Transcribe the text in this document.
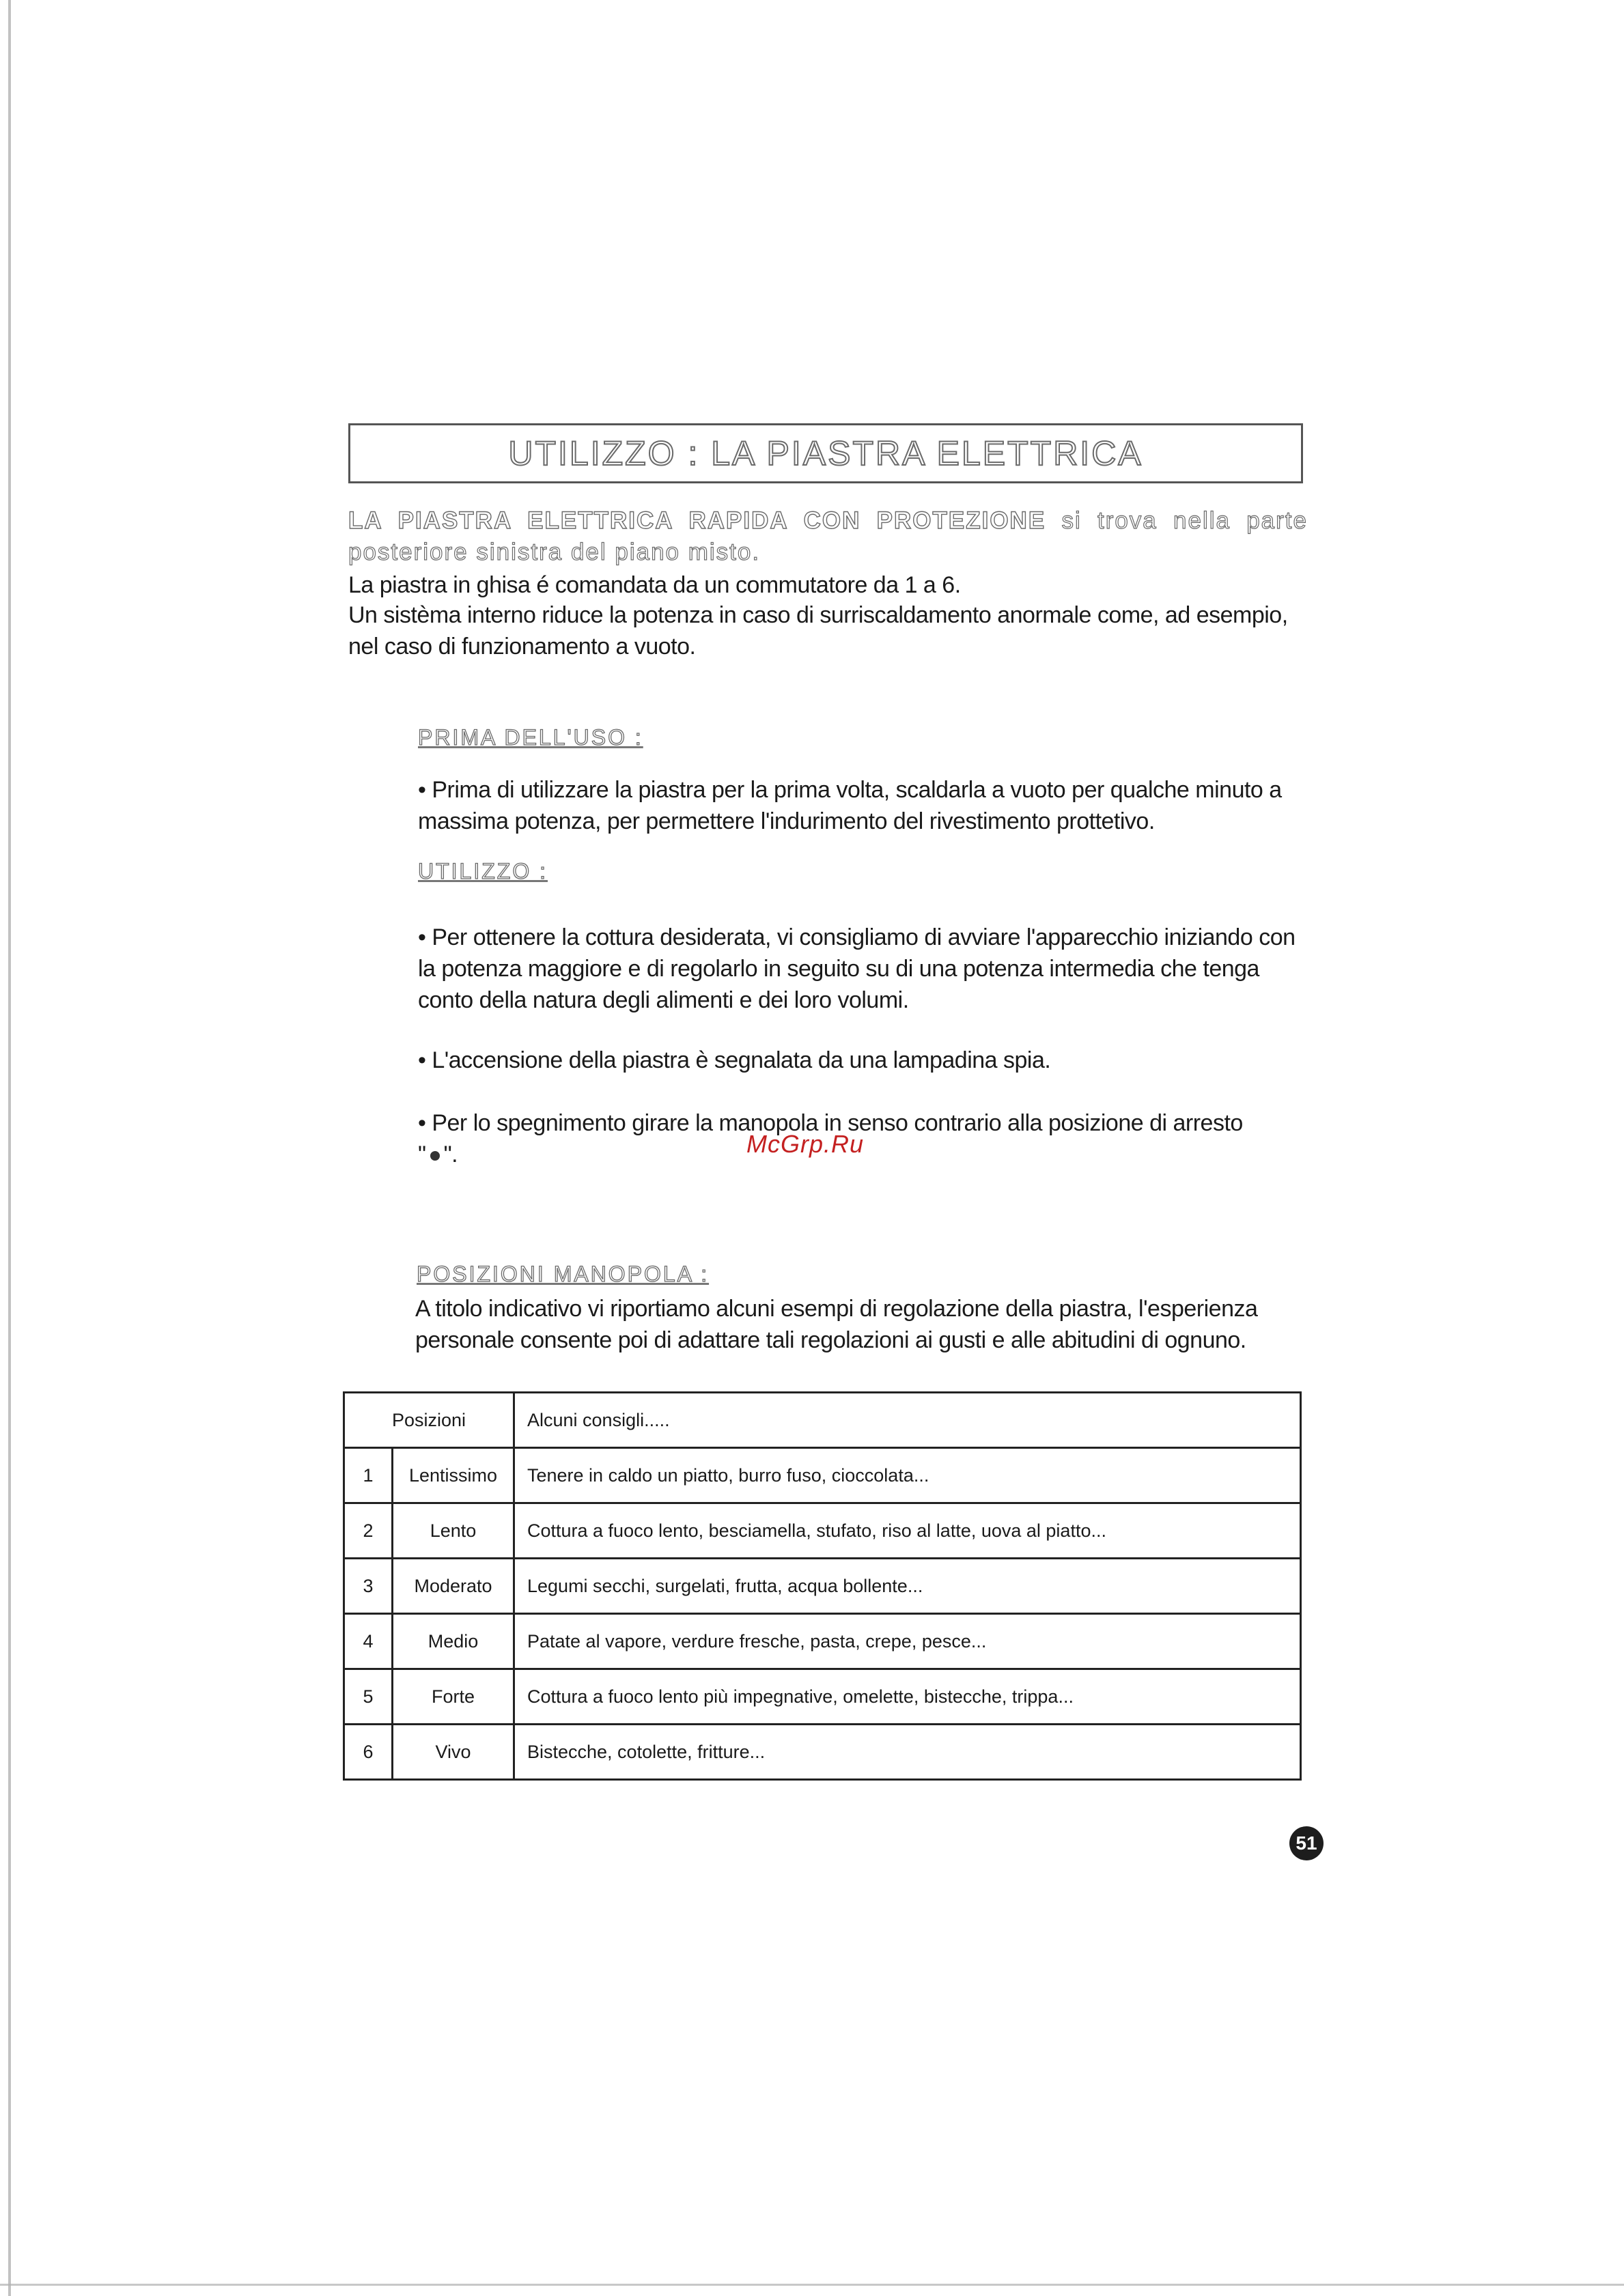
UTILIZZO : LA PIASTRA ELETTRICA

LA PIASTRA ELETTRICA RAPIDA CON PROTEZIONE si trova nella parte posteriore sinistra del piano misto.

La piastra in ghisa é comandata da un commutatore da 1 a 6.

Un sistèma interno riduce la potenza in caso di surriscaldamento anormale come, ad esempio, nel caso di funzionamento a vuoto.

PRIMA DELL'USO :

• Prima di utilizzare la piastra per la prima volta, scaldarla a vuoto per qualche minuto a massima potenza, per permettere l'indurimento del rivestimento prottetivo.

UTILIZZO :

• Per ottenere la cottura desiderata, vi consigliamo di avviare l'apparecchio iniziando con la potenza maggiore e di regolarlo in seguito su di una potenza intermedia che tenga conto della natura degli alimenti e dei loro volumi.

• L'accensione della piastra è segnalata da una lampadina spia.

• Per lo spegnimento girare la manopola in senso contrario alla posizione di arresto
" ".	McGrp.Ru

POSIZIONI MANOPOLA :

A titolo indicativo vi riportiamo alcuni esempi di regolazione della piastra, l'esperienza personale consente poi di adattare tali regolazioni ai gusti e alle abitudini di ognuno.

Posizioni		Alcuni consigli.....
1	Lentissimo	Tenere in caldo un piatto, burro fuso, cioccolata...
2	Lento	Cottura a fuoco lento, besciamella, stufato, riso al latte, uova al piatto...
3	Moderato	Legumi secchi, surgelati, frutta, acqua bollente...
4	Medio	Patate al vapore, verdure fresche, pasta, crepe, pesce...
5	Forte	Cottura a fuoco lento più impegnative, omelette, bistecche, trippa...
6	Vivo	Bistecche, cotolette, fritture...
51
